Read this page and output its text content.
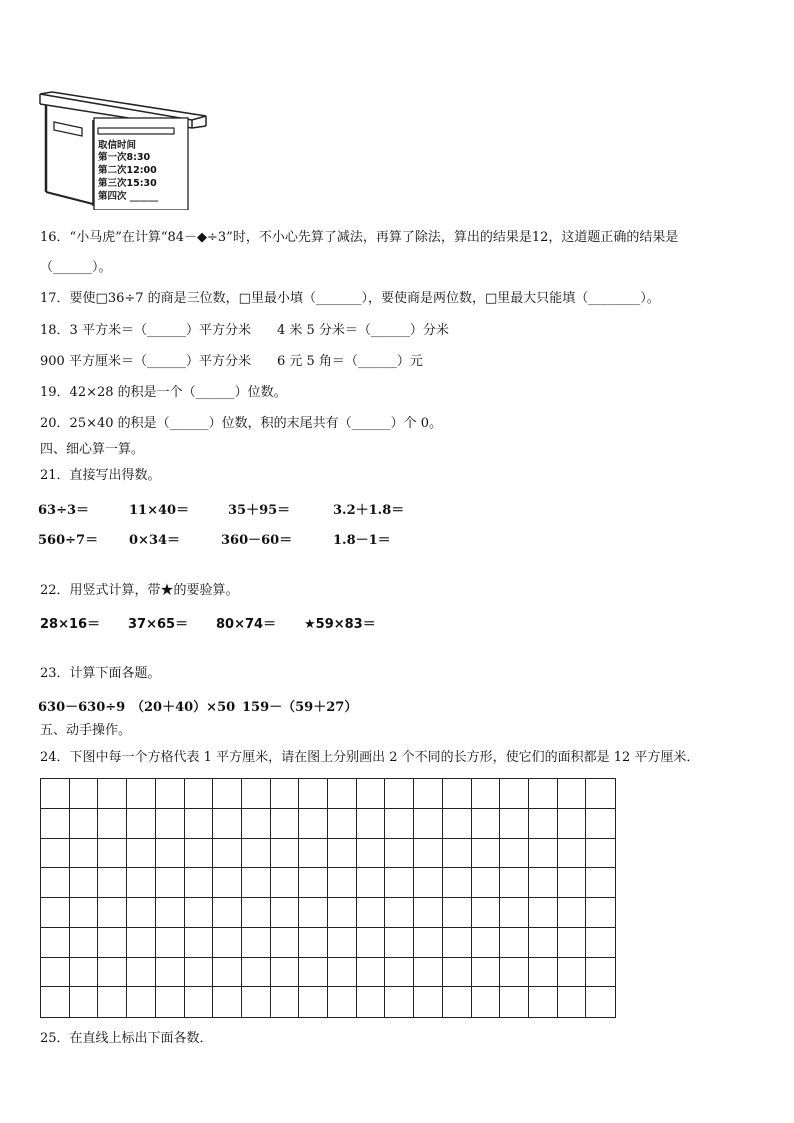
取信时间
第一次8:30
第二次12:00
第三次15:30
第四次 ______
16．“小马虎”在计算“84－◆÷3”时，不小心先算了减法，再算了除法，算出的结果是12，这道题正确的结果是
（______）。
17．要使□36÷7 的商是三位数，□里最小填（_______），要使商是两位数，□里最大只能填（________）。
18．3 平方米＝（______）平方分米　　4 米 5 分米＝（______）分米
900 平方厘米＝（______）平方分米　　6 元 5 角＝（______）元
19．42×28 的积是一个（______）位数。
20．25×40 的积是（______）位数，积的末尾共有（______）个 0。
四、细心算一算。
21．直接写出得数。
63÷3＝	11×40＝	35＋95＝	3.2＋1.8＝
560÷7＝ 0×34＝	360－60＝	1.8－1＝
22．用竖式计算，带★的要验算。
28×16＝ 37×65＝ 80×74＝ ★59×83＝
23．计算下面各题。
630－630÷9 （20＋40）×50 159－（59＋27）
五、动手操作。
24．下图中每一个方格代表 1 平方厘米，请在图上分别画出 2 个不同的长方形，使它们的面积都是 12 平方厘米．
25．在直线上标出下面各数．
